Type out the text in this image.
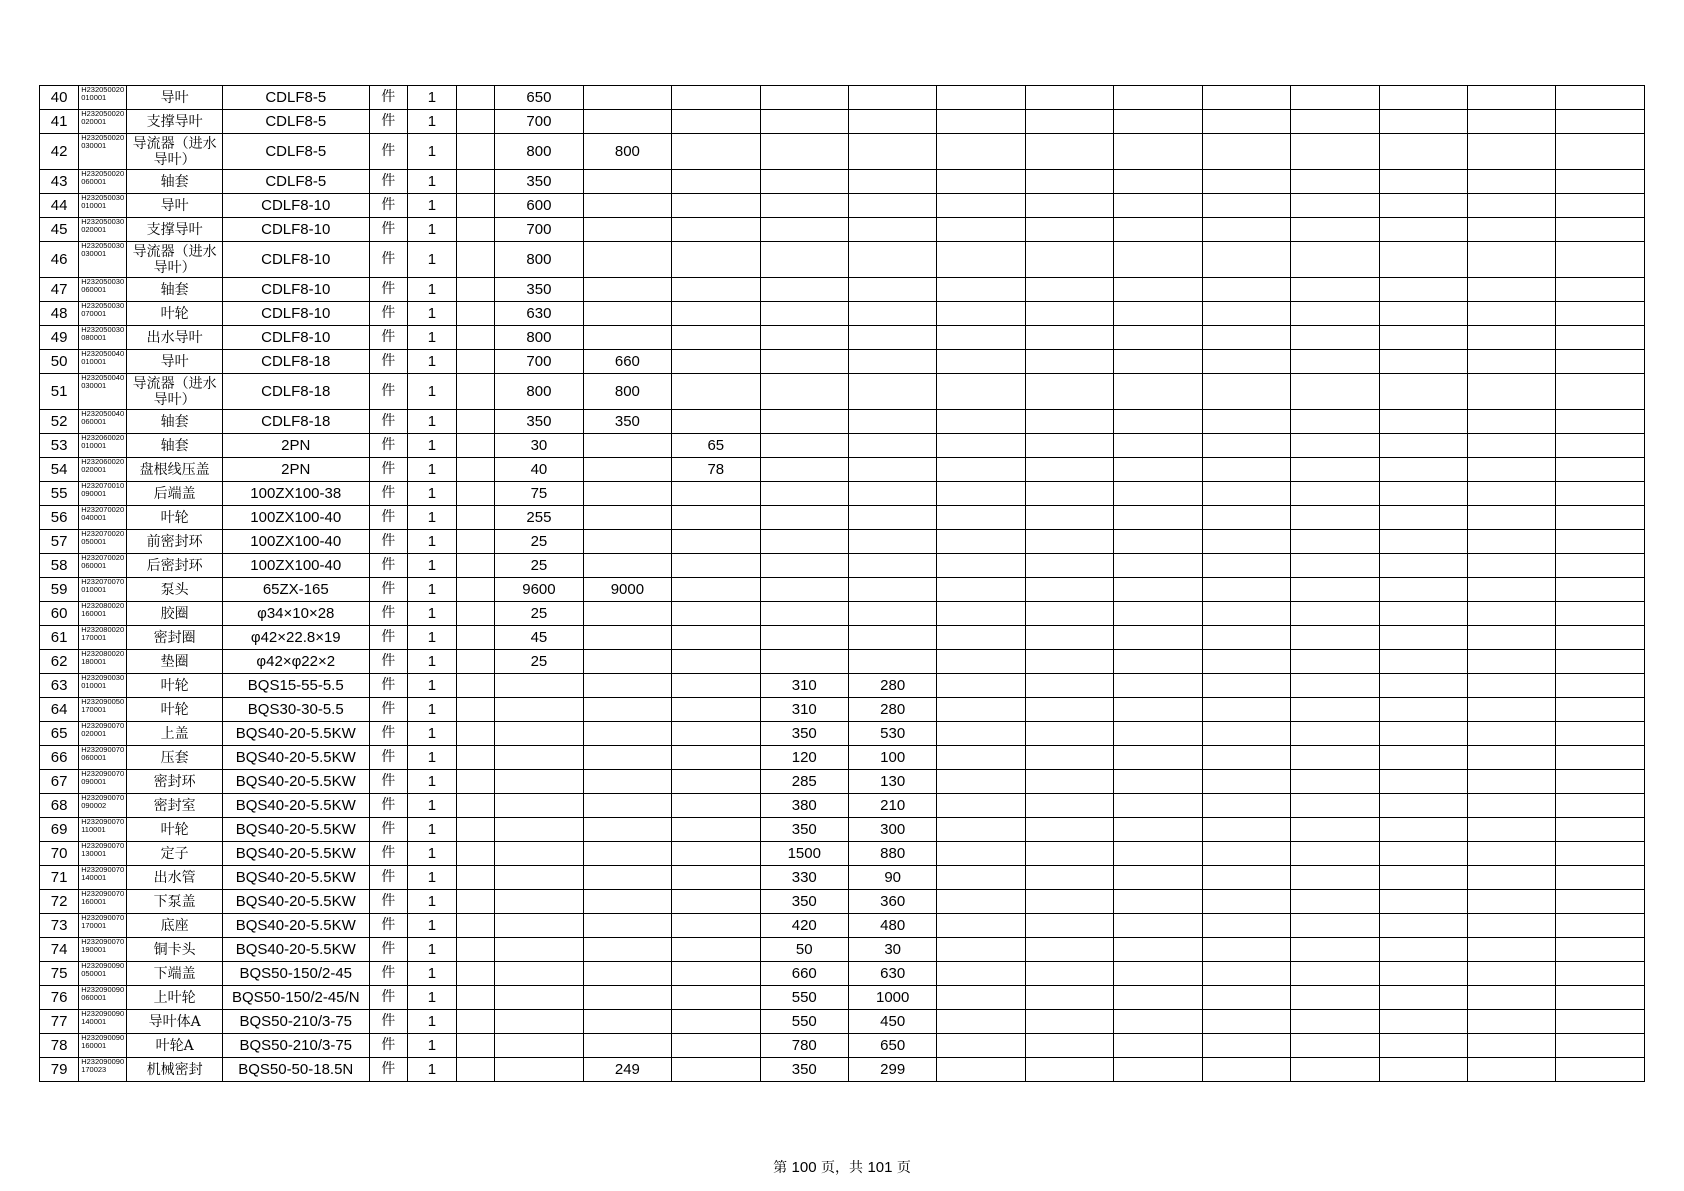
40	H232050020010001	导叶	CDLF8-5	件	1		650												
41	H232050020020001	支撑导叶	CDLF8-5	件	1		700												
42	H232050020030001	导流器（进水导叶）	CDLF8-5	件	1		800	800											
43	H232050020060001	轴套	CDLF8-5	件	1		350												
44	H232050030010001	导叶	CDLF8-10	件	1		600												
45	H232050030020001	支撑导叶	CDLF8-10	件	1		700												
46	H232050030030001	导流器（进水导叶）	CDLF8-10	件	1		800												
47	H232050030060001	轴套	CDLF8-10	件	1		350												
48	H232050030070001	叶轮	CDLF8-10	件	1		630												
49	H232050030080001	出水导叶	CDLF8-10	件	1		800												
50	H232050040010001	导叶	CDLF8-18	件	1		700	660											
51	H232050040030001	导流器（进水导叶）	CDLF8-18	件	1		800	800											
52	H232050040060001	轴套	CDLF8-18	件	1		350	350											
53	H232060020010001	轴套	2PN	件	1		30		65										
54	H232060020020001	盘根线压盖	2PN	件	1		40		78										
55	H232070010090001	后端盖	100ZX100-38	件	1		75												
56	H232070020040001	叶轮	100ZX100-40	件	1		255												
57	H232070020050001	前密封环	100ZX100-40	件	1		25												
58	H232070020060001	后密封环	100ZX100-40	件	1		25												
59	H232070070010001	泵头	65ZX-165	件	1		9600	9000											
60	H232080020160001	胶圈	φ34×10×28	件	1		25												
61	H232080020170001	密封圈	φ42×22.8×19	件	1		45												
62	H232080020180001	垫圈	φ42×φ22×2	件	1		25												
63	H232090030010001	叶轮	BQS15-55-5.5	件	1					310	280								
64	H232090050170001	叶轮	BQS30-30-5.5	件	1					310	280								
65	H232090070020001	上盖	BQS40-20-5.5KW	件	1					350	530								
66	H232090070060001	压套	BQS40-20-5.5KW	件	1					120	100								
67	H232090070090001	密封环	BQS40-20-5.5KW	件	1					285	130								
68	H232090070090002	密封室	BQS40-20-5.5KW	件	1					380	210								
69	H232090070110001	叶轮	BQS40-20-5.5KW	件	1					350	300								
70	H232090070130001	定子	BQS40-20-5.5KW	件	1					1500	880								
71	H232090070140001	出水管	BQS40-20-5.5KW	件	1					330	90								
72	H232090070160001	下泵盖	BQS40-20-5.5KW	件	1					350	360								
73	H232090070170001	底座	BQS40-20-5.5KW	件	1					420	480								
74	H232090070190001	铜卡头	BQS40-20-5.5KW	件	1					50	30								
75	H232090090050001	下端盖	BQS50-150/2-45	件	1					660	630								
76	H232090090060001	上叶轮	BQS50-150/2-45/N	件	1					550	1000								
77	H232090090140001	导叶体A	BQS50-210/3-75	件	1					550	450								
78	H232090090160001	叶轮A	BQS50-210/3-75	件	1					780	650								
79	H232090090170023	机械密封	BQS50-50-18.5N	件	1			249		350	299								
第 100 页，共 101 页
